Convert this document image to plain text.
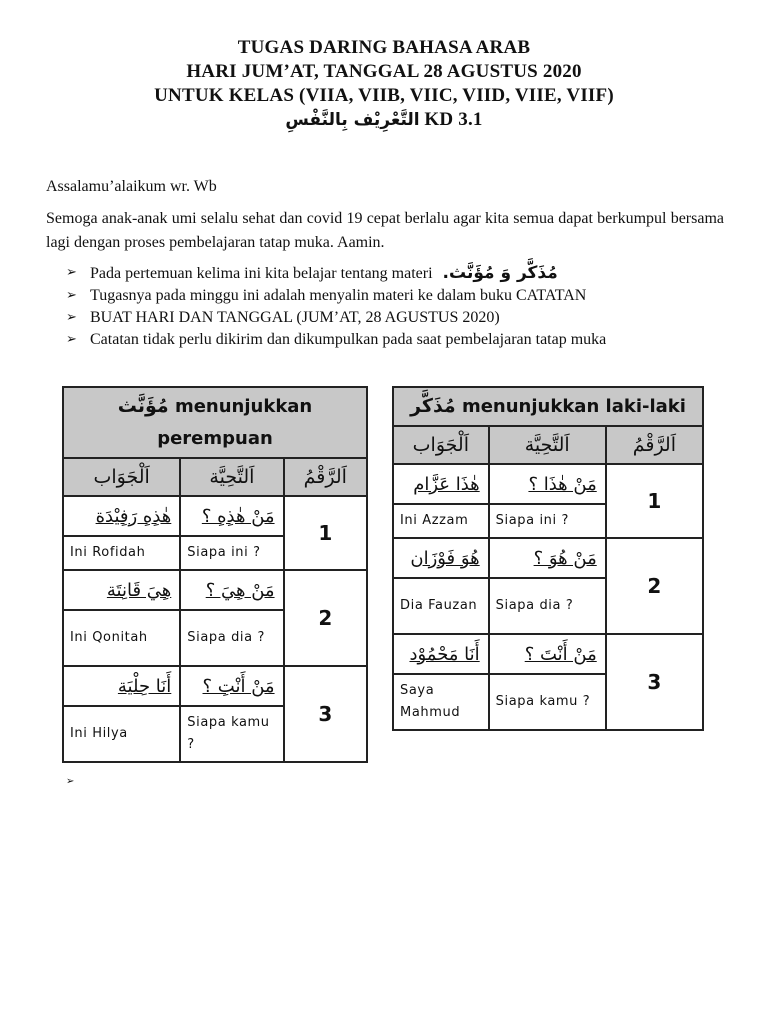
TUGAS DARING BAHASA ARAB
HARI JUM’AT, TANGGAL 28 AGUSTUS 2020
UNTUK KELAS (VIIA, VIIB, VIIC, VIID, VIIE, VIIF)
التَّعْرِيْف بِالنَّفْسِ KD 3.1
Assalamu’alaikum wr. Wb
Semoga anak-anak umi selalu sehat dan covid 19 cepat berlalu agar kita semua dapat berkumpul bersama lagi dengan proses pembelajaran tatap muka. Aamin.
➢ Pada pertemuan kelima ini kita belajar tentang materi مُذَكَّر وَ مُؤَنَّث.
➢ Tugasnya pada minggu ini adalah menyalin materi ke dalam buku CATATAN
➢ BUAT HARI DAN TANGGAL (JUM’AT, 28 AGUSTUS 2020)
➢ Catatan tidak perlu dikirim dan dikumpulkan pada saat pembelajaran tatap muka
مُؤَنَّث menunjukkan perempuan		
اَلْجَوَاب	اَلتَّحِيَّة	اَلرَّقْمُ
هٰذِهِ رَفِيْدَة	مَنْ هٰذِهِ ؟	1
Ini Rofidah	Siapa ini ?	
هِيَ قَانِتَة	مَنْ هِيَ ؟	2
Ini Qonitah	Siapa dia ?	
أَنَا حِلْيَة	مَنْ أَنْتِ ؟	3
Ini Hilya	Siapa kamu ?	
مُذَكَّر menunjukkan laki-laki		
اَلْجَوَاب	اَلتَّحِيَّة	اَلرَّقْمُ
هٰذَا عَزَّام	مَنْ هٰذَا ؟	1
Ini Azzam	Siapa ini ?	
هُوَ فَوْزَان	مَنْ هُوَ ؟	2
Dia Fauzan	Siapa dia ?	
أَنَا مَحْمُوْد	مَنْ أَنْتَ ؟	3
Saya Mahmud	Siapa kamu ?	
➢
